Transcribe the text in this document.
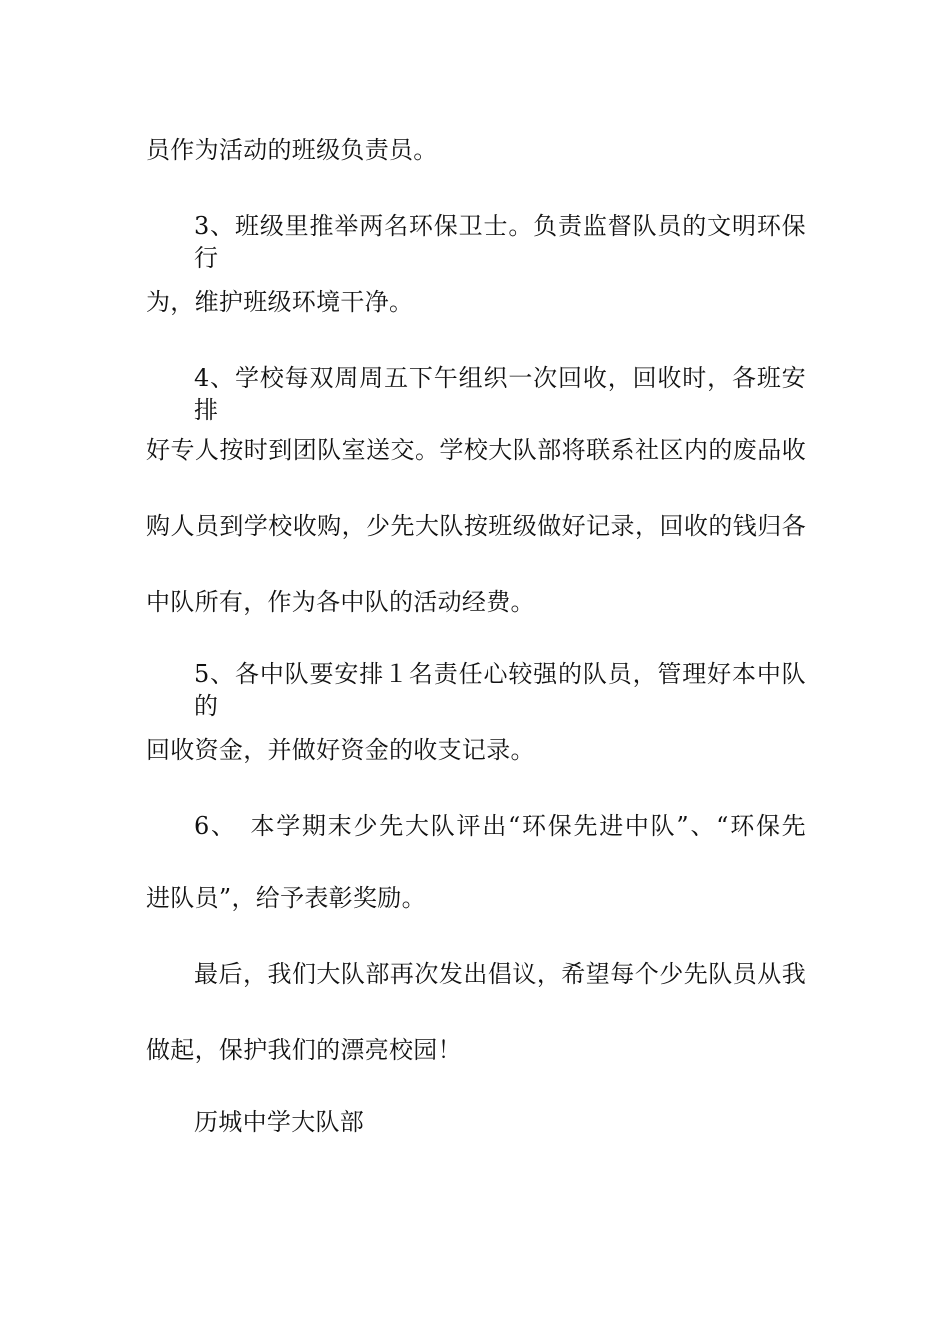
员作为活动的班级负责员。

3、班级里推举两名环保卫士。负责监督队员的文明环保行

为，维护班级环境干净。

4、学校每双周周五下午组织一次回收，回收时，各班安排

好专人按时到团队室送交。学校大队部将联系社区内的废品收

购人员到学校收购，少先大队按班级做好记录，回收的钱归各

中队所有，作为各中队的活动经费。

5、各中队要安排１名责任心较强的队员，管理好本中队的

回收资金，并做好资金的收支记录。

6、　本学期末少先大队评出“环保先进中队”、“环保先

进队员”，给予表彰奖励。

最后，我们大队部再次发出倡议，希望每个少先队员从我

做起，保护我们的漂亮校园！

历城中学大队部
